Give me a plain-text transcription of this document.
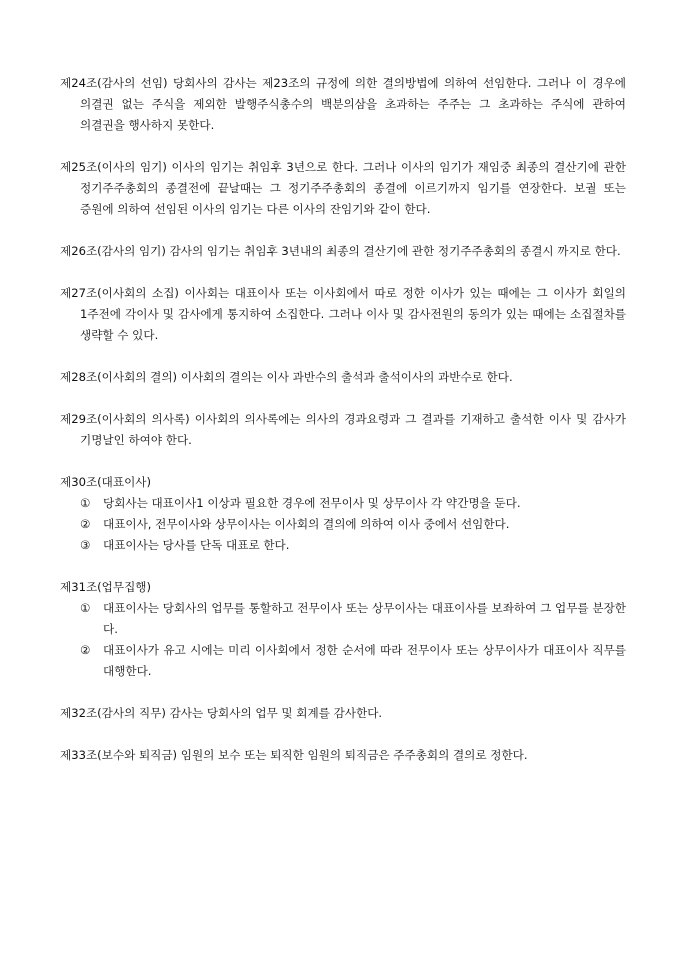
제24조(감사의 선임) 당회사의 감사는 제23조의 규정에 의한 결의방법에 의하여 선임한다. 그러나 이 경우에 의결권 없는 주식을 제외한 발행주식총수의 백분의삼을 초과하는 주주는 그 초과하는 주식에 관하여 의결권을 행사하지 못한다.

제25조(이사의 임기) 이사의 임기는 취임후 3년으로 한다. 그러나 이사의 임기가 재임중 최종의 결산기에 관한 정기주주총회의 종결전에 끝날때는 그 정기주주총회의 종결에 이르기까지 임기를 연장한다. 보궐 또는 증원에 의하여 선임된 이사의 임기는 다른 이사의 잔임기와 같이 한다.

제26조(감사의 임기) 감사의 임기는 취임후 3년내의 최종의 결산기에 관한 정기주주총회의 종결시 까지로 한다.

제27조(이사회의 소집) 이사회는 대표이사 또는 이사회에서 따로 정한 이사가 있는 때에는 그 이사가 회일의 1주전에 각이사 및 감사에게 통지하여 소집한다. 그러나 이사 및 감사전원의 동의가 있는 때에는 소집절차를 생략할 수 있다.

제28조(이사회의 결의) 이사회의 결의는 이사 과반수의 출석과 출석이사의 과반수로 한다.

제29조(이사회의 의사록) 이사회의 의사록에는 의사의 경과요령과 그 결과를 기재하고 출석한 이사 및 감사가 기명날인 하여야 한다.

제30조(대표이사)
①	당회사는 대표이사1 이상과 필요한 경우에 전무이사 및 상무이사 각 약간명을 둔다.
②	대표이사, 전무이사와 상무이사는 이사회의 결의에 의하여 이사 중에서 선임한다.
③	대표이사는 당사를 단독 대표로 한다.
제31조(업무집행)
①	대표이사는 당회사의 업무를 통할하고 전무이사 또는 상무이사는 대표이사를 보좌하여 그 업무를 분장한다.
②	대표이사가 유고 시에는 미리 이사회에서 정한 순서에 따라 전무이사 또는 상무이사가 대표이사 직무를 대행한다.

제32조(감사의 직무) 감사는 당회사의 업무 및 회계를 감사한다.

제33조(보수와 퇴직금) 임원의 보수 또는 퇴직한 임원의 퇴직금은 주주총회의 결의로 정한다.
